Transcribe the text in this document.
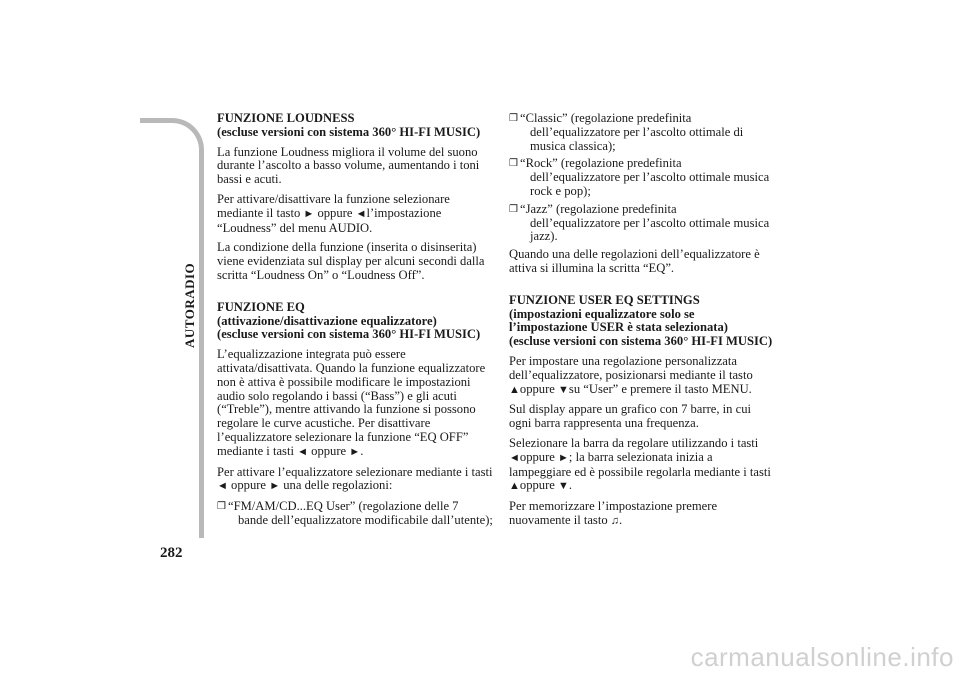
AUTORADIO
282
FUNZIONE LOUDNESS

(escluse versioni con sistema 360° HI-FI MUSIC)

La funzione Loudness migliora il volume del suono durante l’ascolto a basso volume, aumentando i toni bassi e acuti.

Per attivare/disattivare la funzione selezionare mediante il tasto ► oppure ◄l’impostazione “Loudness” del menu AUDIO.

La condizione della funzione (inserita o disinserita) viene evidenziata sul display per alcuni secondi dalla scritta “Loudness On” o “Loudness Off”.

FUNZIONE EQ
(attivazione/disattivazione equalizzatore)

(escluse versioni con sistema 360° HI-FI MUSIC)

L’equalizzazione integrata può essere attivata/disattivata. Quando la funzione equalizzatore non è attiva è possibile modificare le impostazioni audio solo regolando i bassi (“Bass”) e gli acuti (“Treble”), mentre attivando la funzione si possono regolare le curve acustiche. Per disattivare l’equalizzatore selezionare la funzione “EQ OFF” mediante i tasti ◄ oppure ►.

Per attivare l’equalizzatore selezionare mediante i tasti ◄ oppure ► una delle regolazioni:

❒ “FM/AM/CD...EQ User” (regolazione delle 7
bande dell’equalizzatore modificabile dall’utente);
❒ “Classic” (regolazione predefinita
dell’equalizzatore per l’ascolto ottimale di musica classica);
❒ “Rock” (regolazione predefinita
dell’equalizzatore per l’ascolto ottimale musica rock e pop);
❒ “Jazz” (regolazione predefinita
dell’equalizzatore per l’ascolto ottimale musica jazz).

Quando una delle regolazioni dell’equalizzatore è attiva si illumina la scritta “EQ”.

FUNZIONE USER EQ SETTINGS
(impostazioni equalizzatore solo se l’impostazione USER è stata selezionata)

(escluse versioni con sistema 360° HI-FI MUSIC)

Per impostare una regolazione personalizzata dell’equalizzatore, posizionarsi mediante il tasto ▲oppure ▼su “User” e premere il tasto MENU.

Sul display appare un grafico con 7 barre, in cui ogni barra rappresenta una frequenza.

Selezionare la barra da regolare utilizzando i tasti ◄oppure ►; la barra selezionata inizia a lampeggiare ed è possibile regolarla mediante i tasti ▲oppure ▼.

Per memorizzare l’impostazione premere nuovamente il tasto ♫.

carmanualsonline.info
